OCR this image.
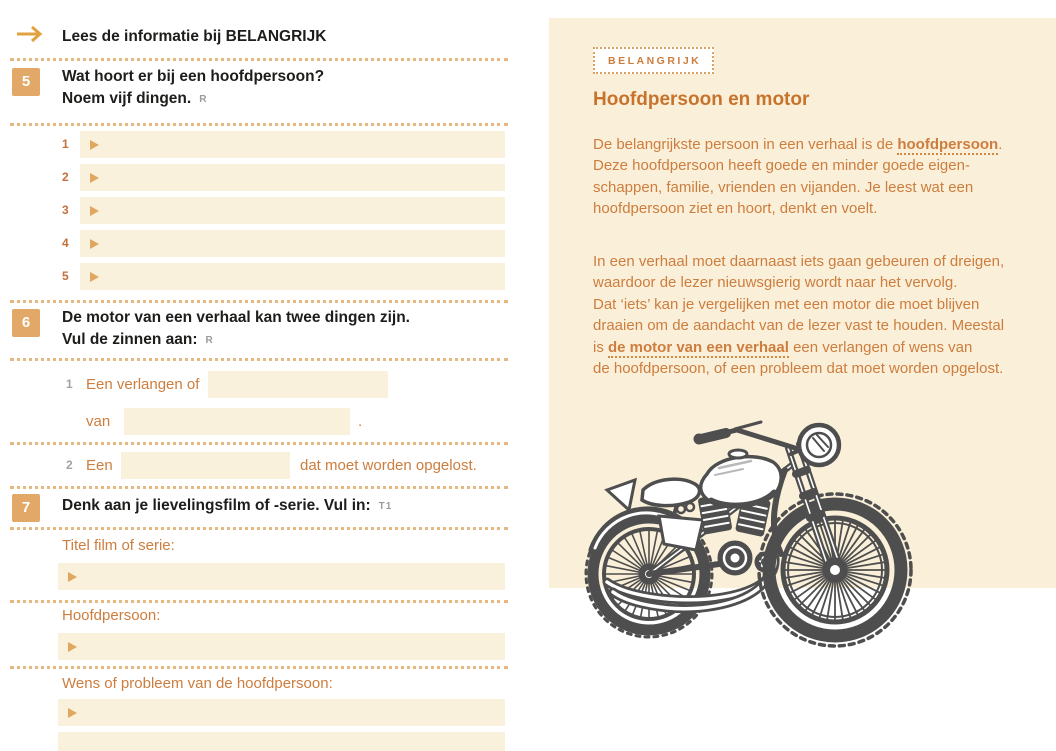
Lees de informatie bij BELANGRIJK
5	Wat hoort er bij een hoofdpersoon?
Noem vijf dingen. R
1
2
3
4
5
6	De motor van een verhaal kan twee dingen zijn.
Vul de zinnen aan: R
1 Een verlangen of
van	.
2 Een	dat moet worden opgelost.
7	Denk aan je lievelingsfilm of -serie. Vul in: T1
Titel film of serie:
Hoofdpersoon:
Wens of probleem van de hoofdpersoon:
BELANGRIJK
Hoofdpersoon en motor
De belangrijkste persoon in een verhaal is de hoofdpersoon.
Deze hoofdpersoon heeft goede en minder goede eigen-
schappen, familie, vrienden en vijanden. Je leest wat een
hoofdpersoon ziet en hoort, denkt en voelt.
In een verhaal moet daarnaast iets gaan gebeuren of dreigen,
waardoor de lezer nieuwsgierig wordt naar het vervolg.
Dat ‘iets’ kan je vergelijken met een motor die moet blijven
draaien om de aandacht van de lezer vast te houden. Meestal
is de motor van een verhaal een verlangen of wens van
de hoofdpersoon, of een probleem dat moet worden opgelost.
